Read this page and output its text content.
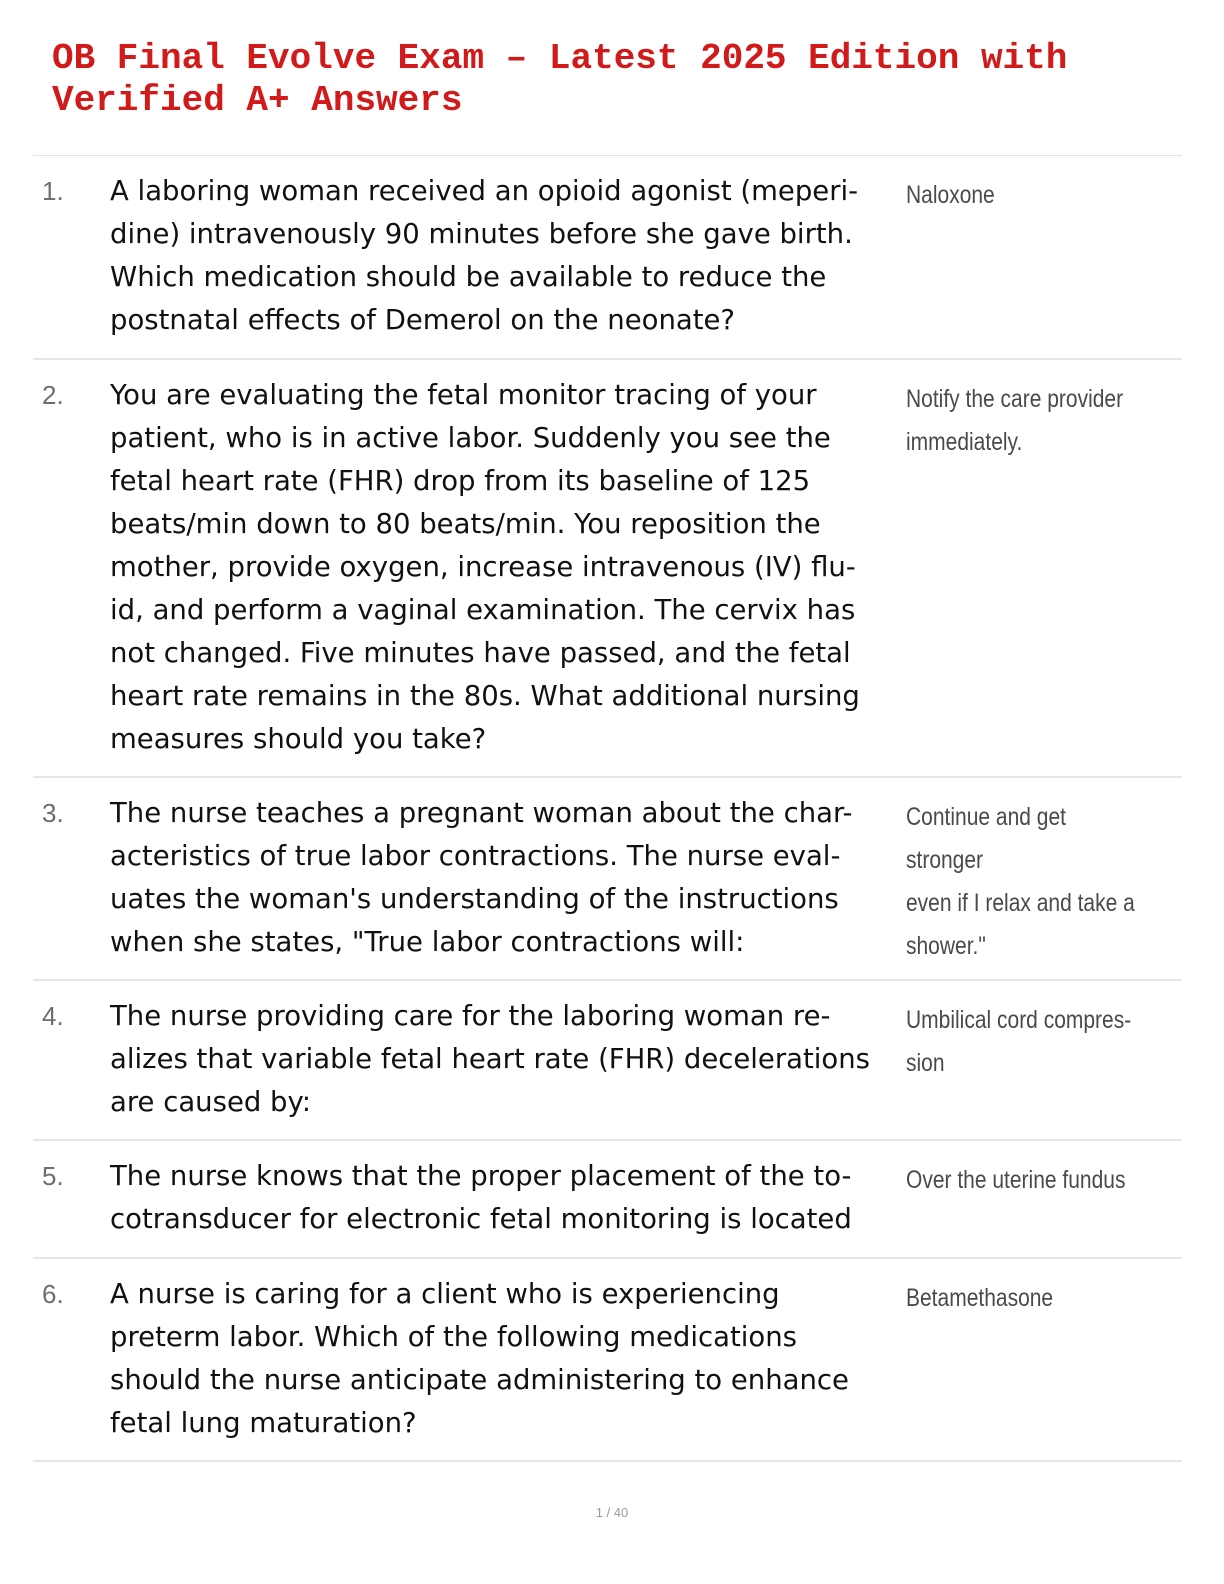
OB Final Evolve Exam – Latest 2025 Edition with Verified A+ Answers
1. A laboring woman received an opioid agonist (meperi-
dine) intravenously 90 minutes before she gave birth.
Which medication should be available to reduce the
postnatal effects of Demerol on the neonate?
Naloxone
2. You are evaluating the fetal monitor tracing of your
patient, who is in active labor. Suddenly you see the
fetal heart rate (FHR) drop from its baseline of 125
beats/min down to 80 beats/min. You reposition the
mother, provide oxygen, increase intravenous (IV) flu-
id, and perform a vaginal examination. The cervix has
not changed. Five minutes have passed, and the fetal
heart rate remains in the 80s. What additional nursing
measures should you take?
Notify the care provider
immediately.
3. The nurse teaches a pregnant woman about the char-
acteristics of true labor contractions. The nurse eval-
uates the woman's understanding of the instructions
when she states, "True labor contractions will:
Continue and get stronger
even if I relax and take a
shower."
4. The nurse providing care for the laboring woman re-
alizes that variable fetal heart rate (FHR) decelerations
are caused by:
Umbilical cord compres-
sion
5. The nurse knows that the proper placement of the to-
cotransducer for electronic fetal monitoring is located
Over the uterine fundus
6. A nurse is caring for a client who is experiencing
preterm labor. Which of the following medications
should the nurse anticipate administering to enhance
fetal lung maturation?
Betamethasone
1 / 40
